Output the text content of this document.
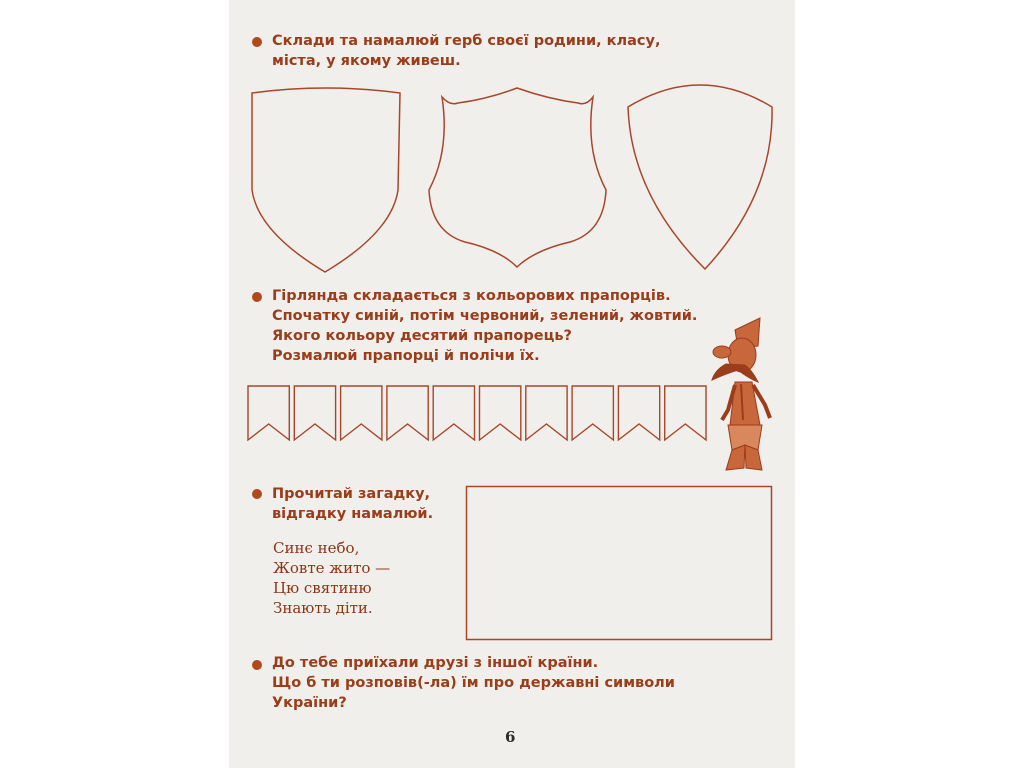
Склади та намалюй герб своєї родини, класу,
міста, у якому живеш.
Гірлянда складається з кольорових прапорців.
Спочатку синій, потім червоний, зелений, жовтий.
Якого кольору десятий прапорець?
Розмалюй прапорці й полічи їх.
Прочитай загадку,
відгадку намалюй.
Синє небо,
Жовте жито —
Цю святиню
Знають діти.
До тебе приїхали друзі з іншої країни.
Що б ти розповів(-ла) їм про державні символи
України?
6
